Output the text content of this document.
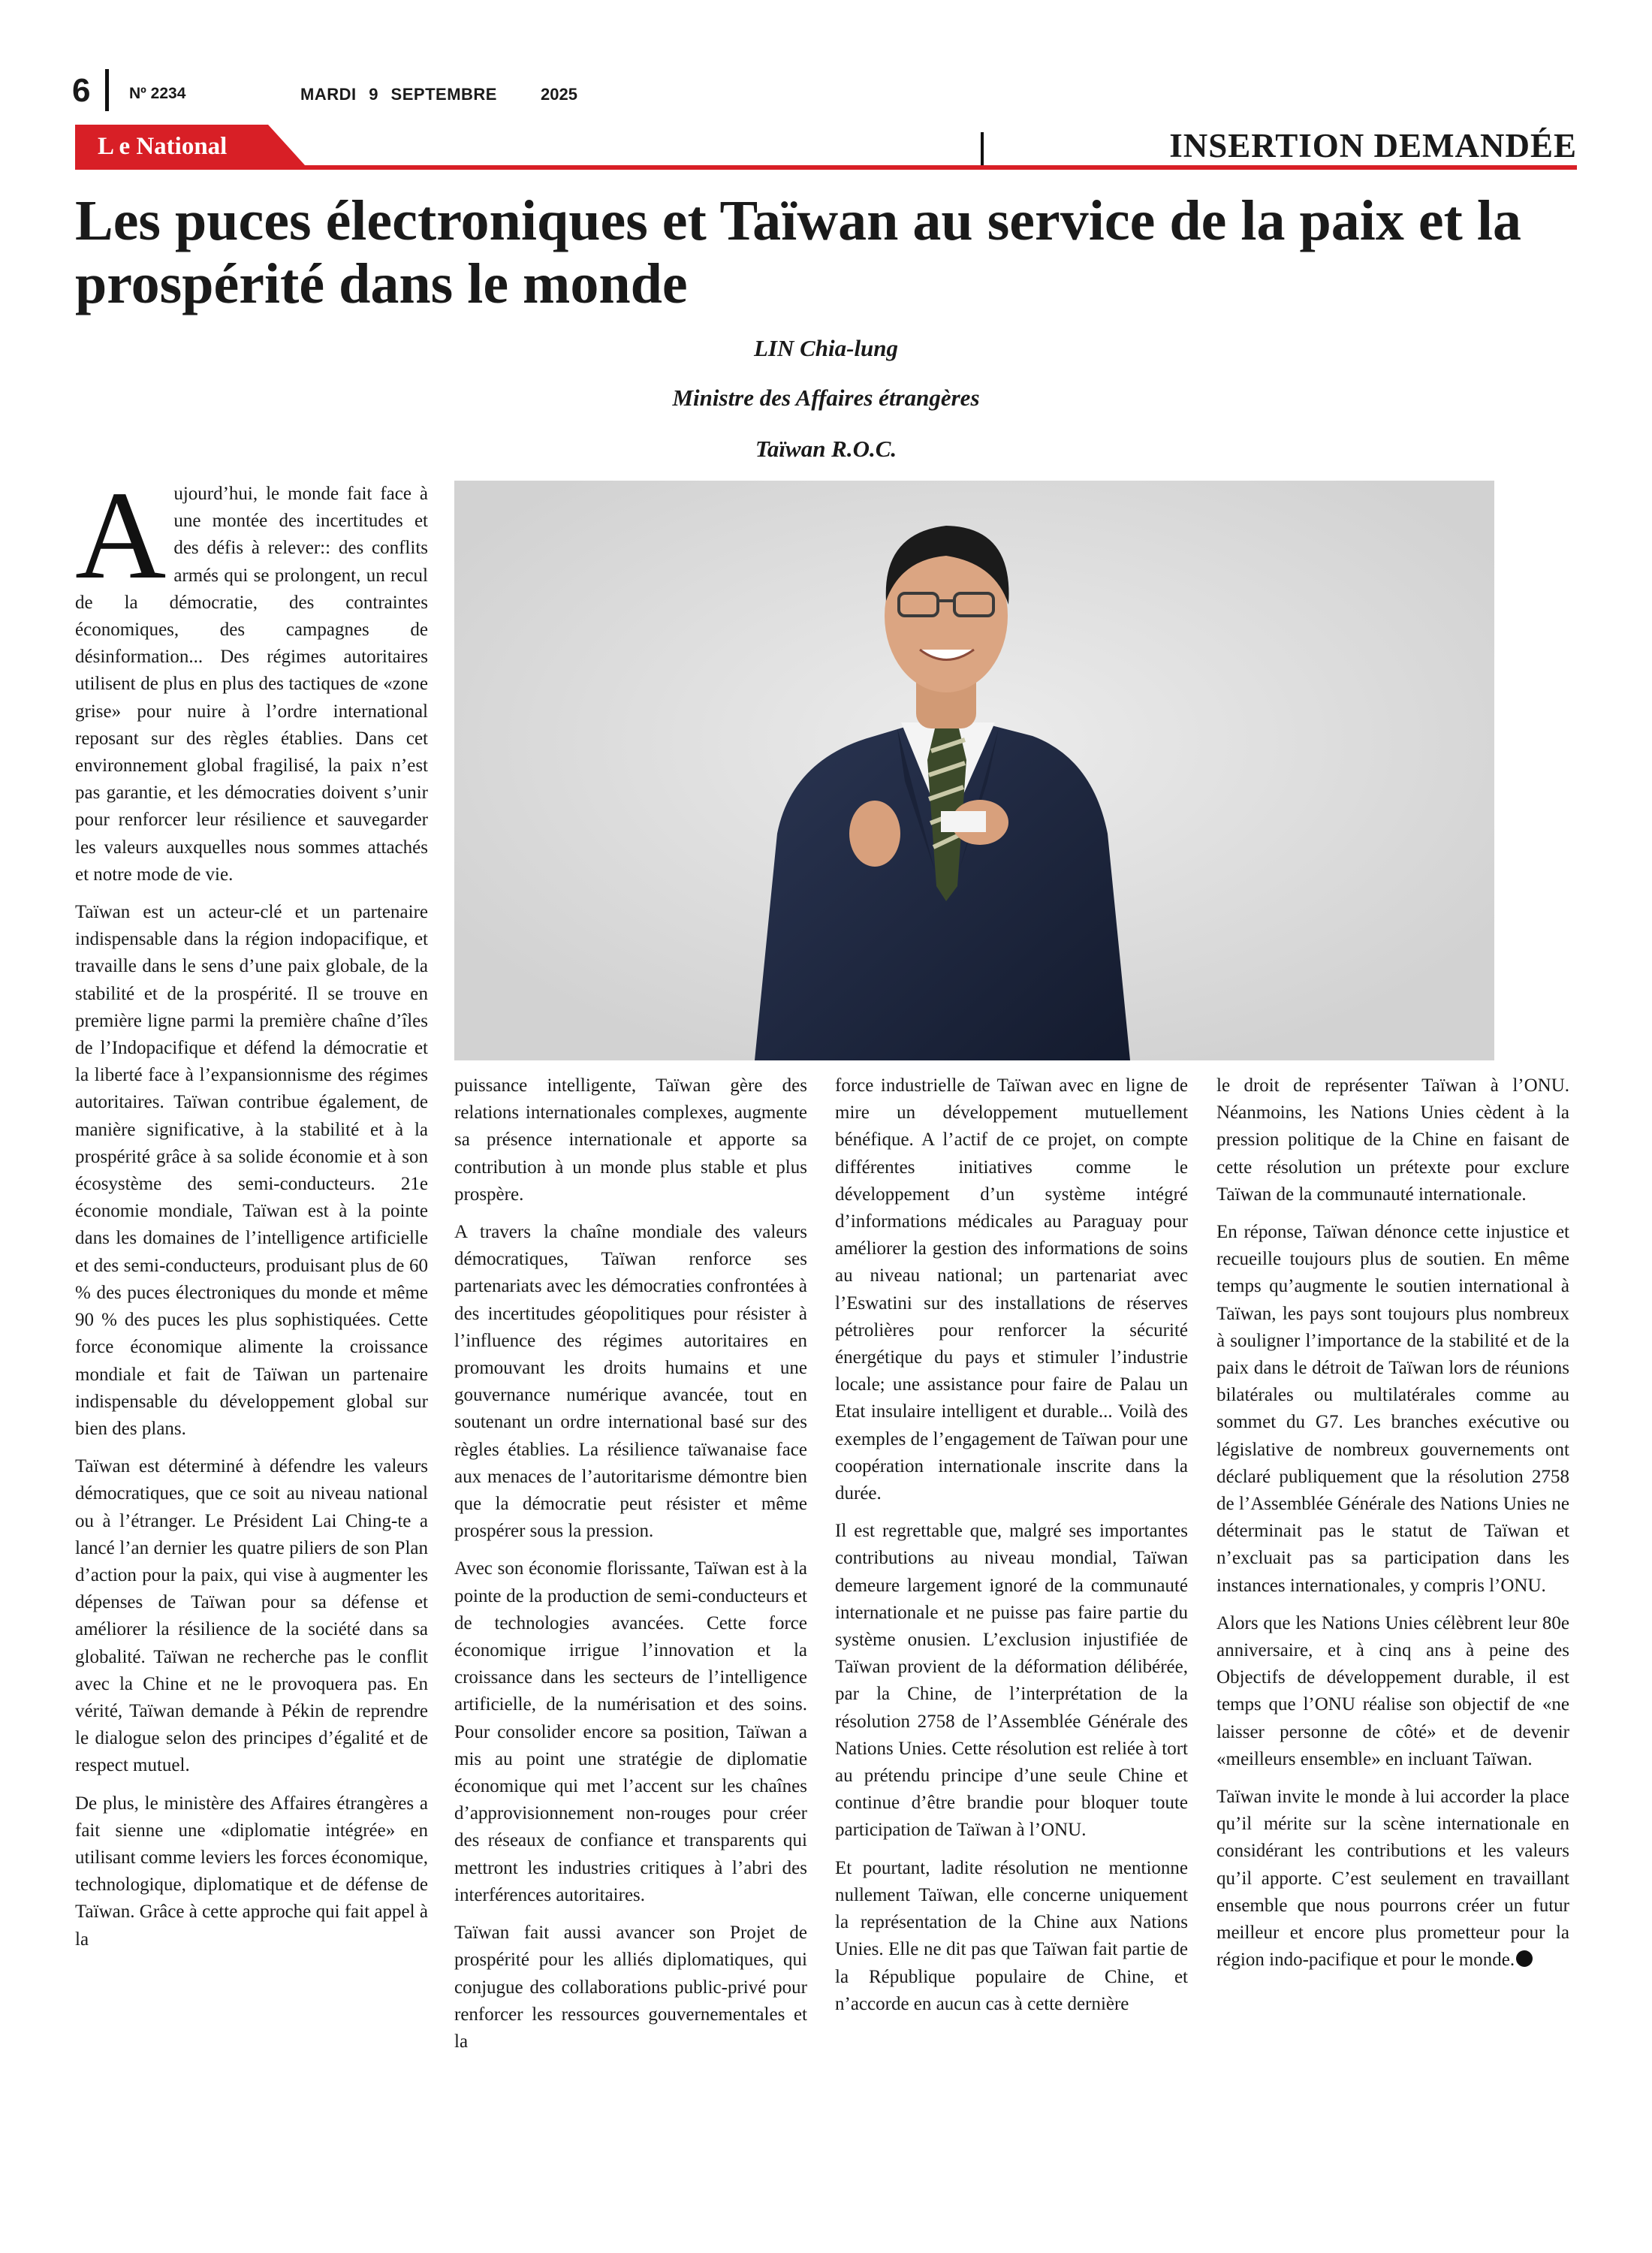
6 Nº 2234	MARDI 9 SEPTEMBRE	2025
L e National	INSERTION DEMANDÉE
Les puces électroniques et Taïwan au service de la paix et la prospérité dans le monde
LIN Chia-lung
Ministre des Affaires étrangères
Taïwan R.O.C.

Aujourd’hui, le monde fait face à une montée des incertitudes et des défis à relever:: des conflits armés qui se prolongent, un recul de la démocratie, des contraintes économiques, des campagnes de désinformation... Des régimes autoritaires utilisent de plus en plus des tactiques de «zone grise» pour nuire à l’ordre international reposant sur des règles établies. Dans cet environnement global fragilisé, la paix n’est pas garantie, et les démocraties doivent s’unir pour renforcer leur résilience et sauvegarder les valeurs auxquelles nous sommes attachés et notre mode de vie.

Taïwan est un acteur-clé et un partenaire indispensable dans la région indopacifique, et travaille dans le sens d’une paix globale, de la stabilité et de la prospérité. Il se trouve en première ligne parmi la première chaîne d’îles de l’Indopacifique et défend la démocratie et la liberté face à l’expansionnisme des régimes autoritaires. Taïwan contribue également, de manière significative, à la stabilité et à la prospérité grâce à sa solide économie et à son écosystème des semi-conducteurs. 21e économie mondiale, Taïwan est à la pointe dans les domaines de l’intelligence artificielle et des semi-conducteurs, produisant plus de 60 % des puces électroniques du monde et même 90 % des puces les plus sophistiquées. Cette force économique alimente la croissance mondiale et fait de Taïwan un partenaire indispensable du développement global sur bien des plans.

Taïwan est déterminé à défendre les valeurs démocratiques, que ce soit au niveau national ou à l’étranger. Le Président Lai Ching-te a lancé l’an dernier les quatre piliers de son Plan d’action pour la paix, qui vise à augmenter les dépenses de Taïwan pour sa défense et améliorer la résilience de la société dans sa globalité. Taïwan ne recherche pas le conflit avec la Chine et ne le provoquera pas. En vérité, Taïwan demande à Pékin de reprendre le dialogue selon des principes d’égalité et de respect mutuel.

De plus, le ministère des Affaires étrangères a fait sienne une «diplomatie intégrée» en utilisant comme leviers les forces économique, technologique, diplomatique et de défense de Taïwan. Grâce à cette approche qui fait appel à la

puissance intelligente, Taïwan gère des relations internationales complexes, augmente sa présence internationale et apporte sa contribution à un monde plus stable et plus prospère.

A travers la chaîne mondiale des valeurs démocratiques, Taïwan renforce ses partenariats avec les démocraties confrontées à des incertitudes géopolitiques pour résister à l’influence des régimes autoritaires en promouvant les droits humains et une gouvernance numérique avancée, tout en soutenant un ordre international basé sur des règles établies. La résilience taïwanaise face aux menaces de l’autoritarisme démontre bien que la démocratie peut résister et même prospérer sous la pression.

Avec son économie florissante, Taïwan est à la pointe de la production de semi-conducteurs et de technologies avancées. Cette force économique irrigue l’innovation et la croissance dans les secteurs de l’intelligence artificielle, de la numérisation et des soins. Pour consolider encore sa position, Taïwan a mis au point une stratégie de diplomatie économique qui met l’accent sur les chaînes d’approvisionnement non-rouges pour créer des réseaux de confiance et transparents qui mettront les industries critiques à l’abri des interférences autoritaires.

Taïwan fait aussi avancer son Projet de prospérité pour les alliés diplomatiques, qui conjugue des collaborations public-privé pour renforcer les ressources gouvernementales et la

force industrielle de Taïwan avec en ligne de mire un développement mutuellement bénéfique. A l’actif de ce projet, on compte différentes initiatives comme le développement d’un système intégré d’informations médicales au Paraguay pour améliorer la gestion des informations de soins au niveau national; un partenariat avec l’Eswatini sur des installations de réserves pétrolières pour renforcer la sécurité énergétique du pays et stimuler l’industrie locale; une assistance pour faire de Palau un Etat insulaire intelligent et durable... Voilà des exemples de l’engagement de Taïwan pour une coopération internationale inscrite dans la durée.

Il est regrettable que, malgré ses importantes contributions au niveau mondial, Taïwan demeure largement ignoré de la communauté internationale et ne puisse pas faire partie du système onusien. L’exclusion injustifiée de Taïwan provient de la déformation délibérée, par la Chine, de l’interprétation de la résolution 2758 de l’Assemblée Générale des Nations Unies. Cette résolution est reliée à tort au prétendu principe d’une seule Chine et continue d’être brandie pour bloquer toute participation de Taïwan à l’ONU.

Et pourtant, ladite résolution ne mentionne nullement Taïwan, elle concerne uniquement la représentation de la Chine aux Nations Unies. Elle ne dit pas que Taïwan fait partie de la République populaire de Chine, et n’accorde en aucun cas à cette dernière

le droit de représenter Taïwan à l’ONU. Néanmoins, les Nations Unies cèdent à la pression politique de la Chine en faisant de cette résolution un prétexte pour exclure Taïwan de la communauté internationale.

En réponse, Taïwan dénonce cette injustice et recueille toujours plus de soutien. En même temps qu’augmente le soutien international à Taïwan, les pays sont toujours plus nombreux à souligner l’importance de la stabilité et de la paix dans le détroit de Taïwan lors de réunions bilatérales ou multilatérales comme au sommet du G7. Les branches exécutive ou législative de nombreux gouvernements ont déclaré publiquement que la résolution 2758 de l’Assemblée Générale des Nations Unies ne déterminait pas le statut de Taïwan et n’excluait pas sa participation dans les instances internationales, y compris l’ONU.

Alors que les Nations Unies célèbrent leur 80e anniversaire, et à cinq ans à peine des Objectifs de développement durable, il est temps que l’ONU réalise son objectif de «ne laisser personne de côté» et de devenir «meilleurs ensemble» en incluant Taïwan.

Taïwan invite le monde à lui accorder la place qu’il mérite sur la scène internationale en considérant les contributions et les valeurs qu’il apporte. C’est seulement en travaillant ensemble que nous pourrons créer un futur meilleur et encore plus prometteur pour la région indo-pacifique et pour le monde.
